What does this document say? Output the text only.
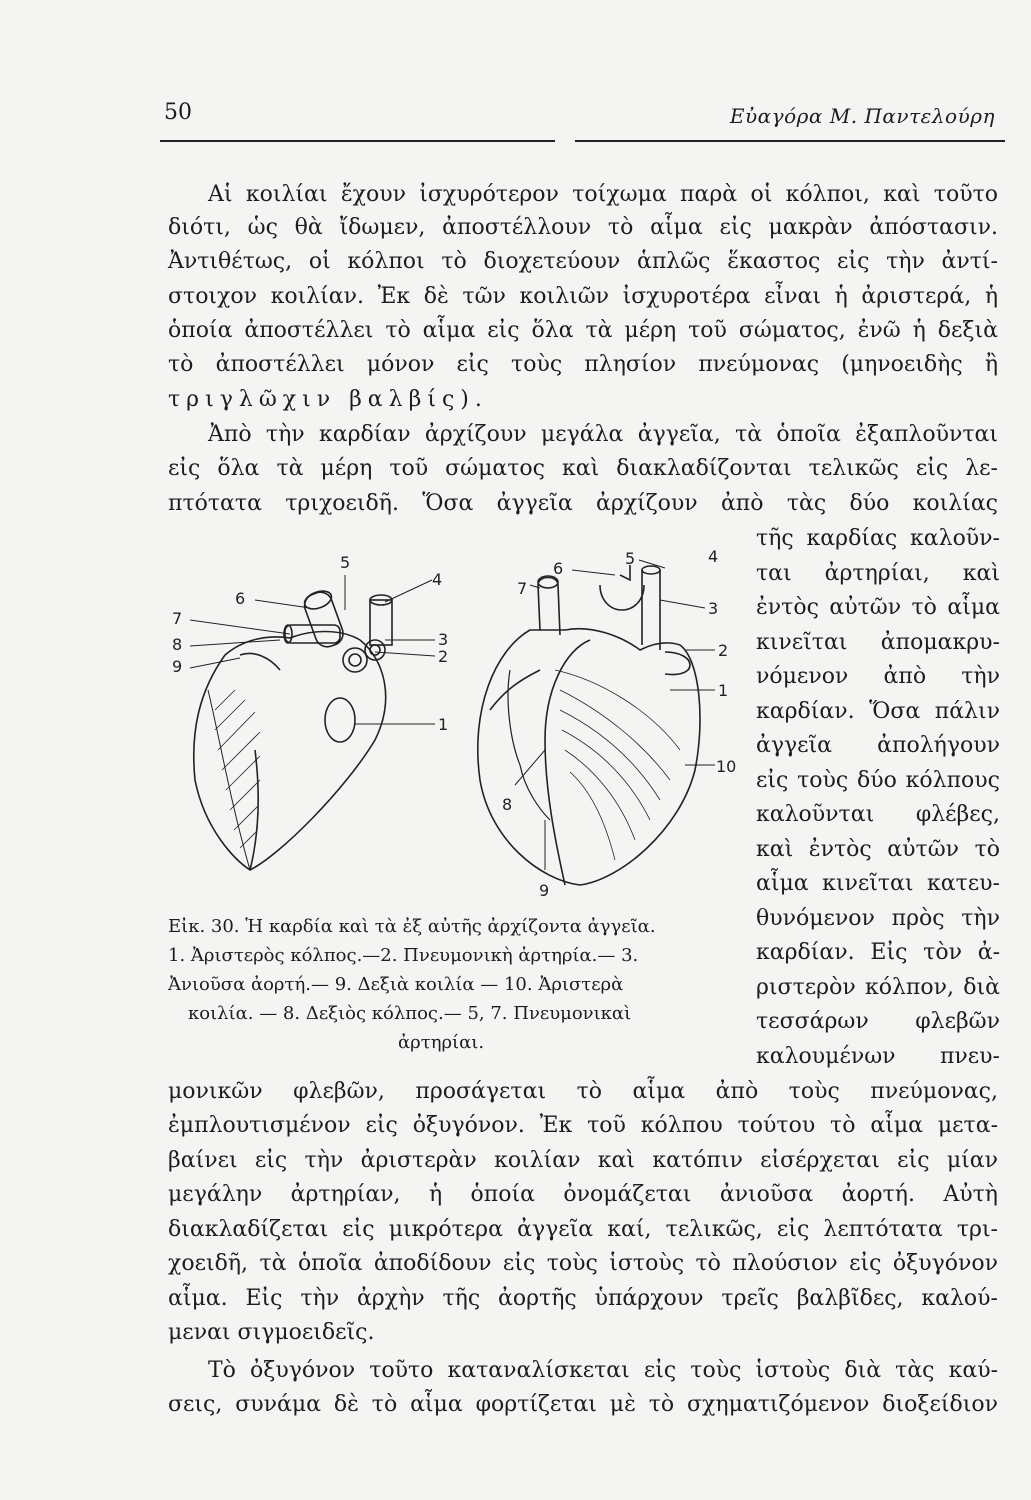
50	Εὐαγόρα Μ. Παντελούρη
Αἱ κοιλίαι ἔχουν ἰσχυρότερον τοίχωμα παρὰ οἱ κόλποι, καὶ τοῦτο
διότι, ὡς θὰ ἴδωμεν, ἀποστέλλουν τὸ αἷμα εἰς μακρὰν ἀπόστασιν.
Ἀντιθέτως, οἱ κόλποι τὸ διοχετεύουν ἁπλῶς ἕκαστος εἰς τὴν ἀντί-
στοιχον κοιλίαν. Ἐκ δὲ τῶν κοιλιῶν ἰσχυροτέρα εἶναι ἡ ἀριστερά, ἡ
ὁποία ἀποστέλλει τὸ αἷμα εἰς ὅλα τὰ μέρη τοῦ σώματος, ἐνῶ ἡ δεξιὰ
τὸ ἀποστέλλει μόνον εἰς τοὺς πλησίον πνεύμονας (μηνοειδὴς ἢ
τριγλῶχιν βαλβίς).
Ἀπὸ τὴν καρδίαν ἀρχίζουν μεγάλα ἀγγεῖα, τὰ ὁποῖα ἐξαπλοῦνται
εἰς ὅλα τὰ μέρη τοῦ σώματος καὶ διακλαδίζονται τελικῶς εἰς λε-
πτότατα τριχοειδῆ. Ὅσα ἀγγεῖα ἀρχίζουν ἀπὸ τὰς δύο κοιλίας
τῆς καρδίας καλοῦν-
ται ἀρτηρίαι, καὶ
ἐντὸς αὐτῶν τὸ αἷμα
κινεῖται ἀπομακρυ-
νόμενον ἀπὸ τὴν
καρδίαν. Ὅσα πάλιν
ἀγγεῖα ἀπολήγουν
εἰς τοὺς δύο κόλπους
καλοῦνται φλέβες,
καὶ ἐντὸς αὐτῶν τὸ
αἷμα κινεῖται κατευ-
θυνόμενον πρὸς τὴν
καρδίαν. Εἰς τὸν ἀ-
ριστερὸν κόλπον, διὰ
τεσσάρων φλεβῶν
καλουμένων πνευ-
5
4
6
7
3
8
2
9
1
6
5	4
7
3
2
1
10
8
9
Εἰκ. 30. Ἡ καρδία καὶ τὰ ἐξ αὐτῆς ἀρχίζοντα ἀγγεῖα.
1. Ἀριστερὸς κόλπος.—2. Πνευμονικὴ ἀρτηρία.— 3.
Ἀνιοῦσα ἀορτή.— 9. Δεξιὰ κοιλία — 10. Ἀριστερὰ
κοιλία. — 8. Δεξιὸς κόλπος.— 5, 7. Πνευμονικαὶ
ἀρτηρίαι.
μονικῶν φλεβῶν, προσάγεται τὸ αἷμα ἀπὸ τοὺς πνεύμονας,
ἐμπλουτισμένον εἰς ὀξυγόνον. Ἐκ τοῦ κόλπου τούτου τὸ αἷμα μετα-
βαίνει εἰς τὴν ἀριστερὰν κοιλίαν καὶ κατόπιν εἰσέρχεται εἰς μίαν
μεγάλην ἀρτηρίαν, ἡ ὁποία ὀνομάζεται ἀνιοῦσα ἀορτή. Αὐτὴ
διακλαδίζεται εἰς μικρότερα ἀγγεῖα καί, τελικῶς, εἰς λεπτότατα τρι-
χοειδῆ, τὰ ὁποῖα ἀποδίδουν εἰς τοὺς ἱστοὺς τὸ πλούσιον εἰς ὀξυγόνον
αἷμα. Εἰς τὴν ἀρχὴν τῆς ἀορτῆς ὑπάρχουν τρεῖς βαλβῖδες, καλού-
μεναι σιγμοειδεῖς.
Τὸ ὀξυγόνον τοῦτο καταναλίσκεται εἰς τοὺς ἱστοὺς διὰ τὰς καύ-
σεις, συνάμα δὲ τὸ αἷμα φορτίζεται μὲ τὸ σχηματιζόμενον διοξείδιον
